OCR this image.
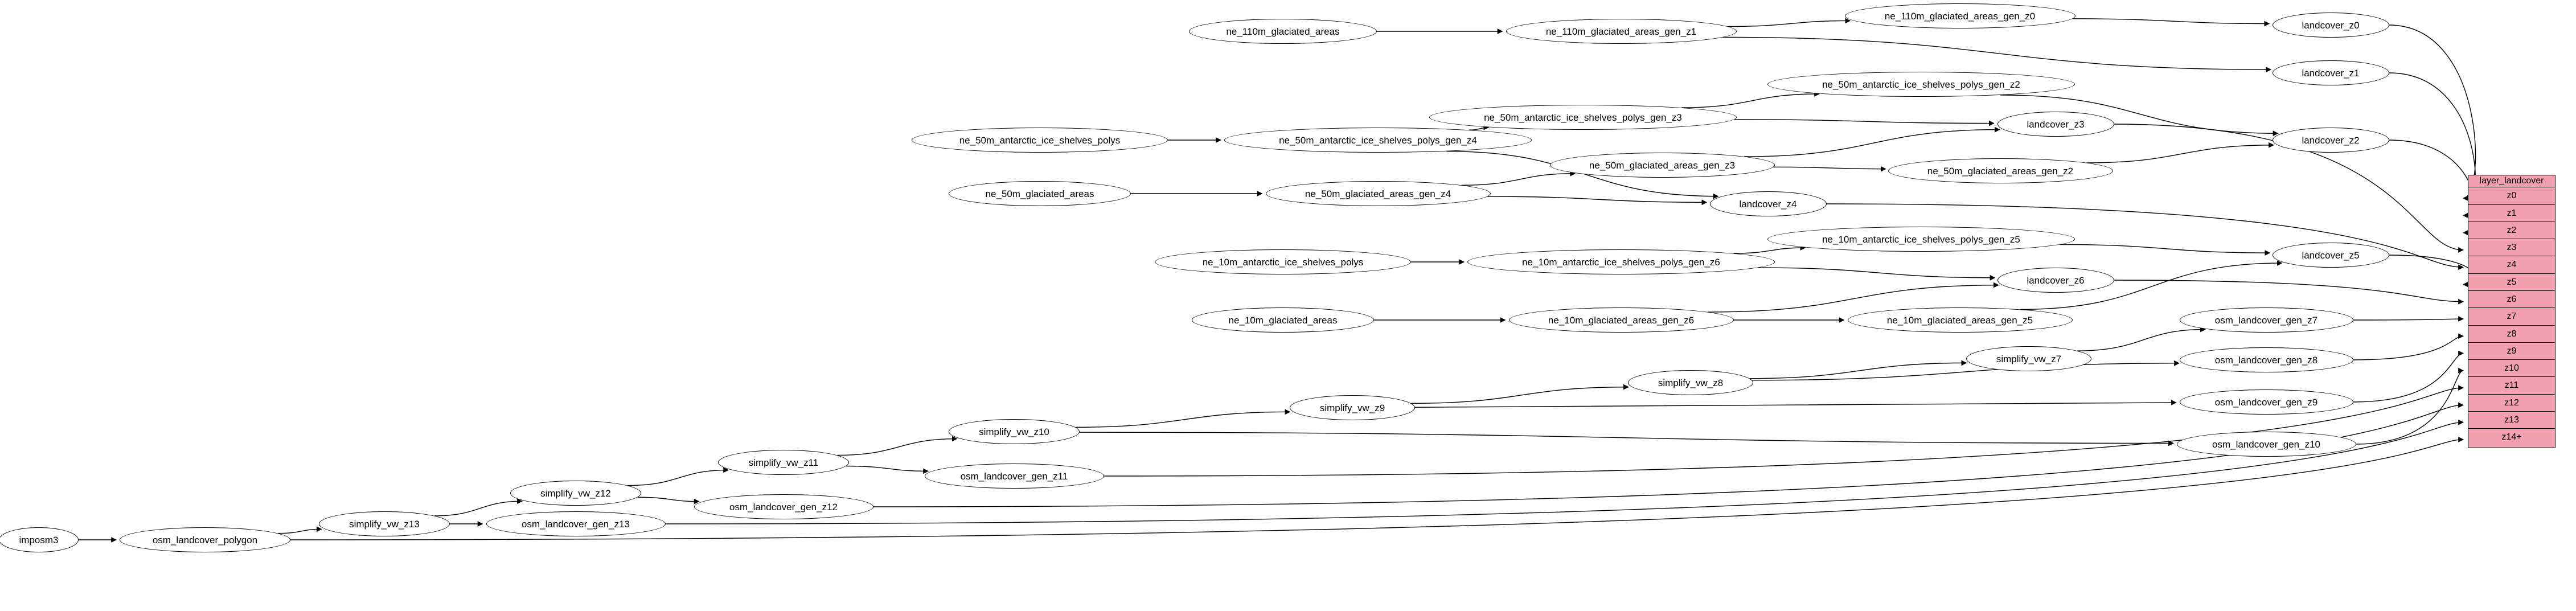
ne_110m_glaciated_areas	ne_110m_glaciated_areas_gen_z1
ne_110m_glaciated_areas_gen_z0
landcover_z0
landcover_z1
ne_50m_antarctic_ice_shelves_polys_gen_z2
ne_50m_antarctic_ice_shelves_polys_gen_z3
ne_50m_antarctic_ice_shelves_polys	ne_50m_antarctic_ice_shelves_polys_gen_z4
landcover_z3
landcover_z2
ne_50m_glaciated_areas_gen_z3
ne_50m_glaciated_areas_gen_z2
ne_50m_glaciated_areas	ne_50m_glaciated_areas_gen_z4
landcover_z4
ne_10m_antarctic_ice_shelves_polys_gen_z5
ne_10m_antarctic_ice_shelves_polys	ne_10m_antarctic_ice_shelves_polys_gen_z6
landcover_z6
landcover_z5
ne_10m_glaciated_areas	ne_10m_glaciated_areas_gen_z6	ne_10m_glaciated_areas_gen_z5	osm_landcover_gen_z7
simplify_vw_z7	osm_landcover_gen_z8
simplify_vw_z8
osm_landcover_gen_z9
simplify_vw_z9
simplify_vw_z10
osm_landcover_gen_z10
simplify_vw_z11
osm_landcover_gen_z11
simplify_vw_z12
osm_landcover_gen_z12
simplify_vw_z13	osm_landcover_gen_z13
imposm3	osm_landcover_polygon
layer_landcover
z0
z1
z2
z3
z4
z5
z6
z7
z8
z9
z10
z11
z12
z13
z14+
